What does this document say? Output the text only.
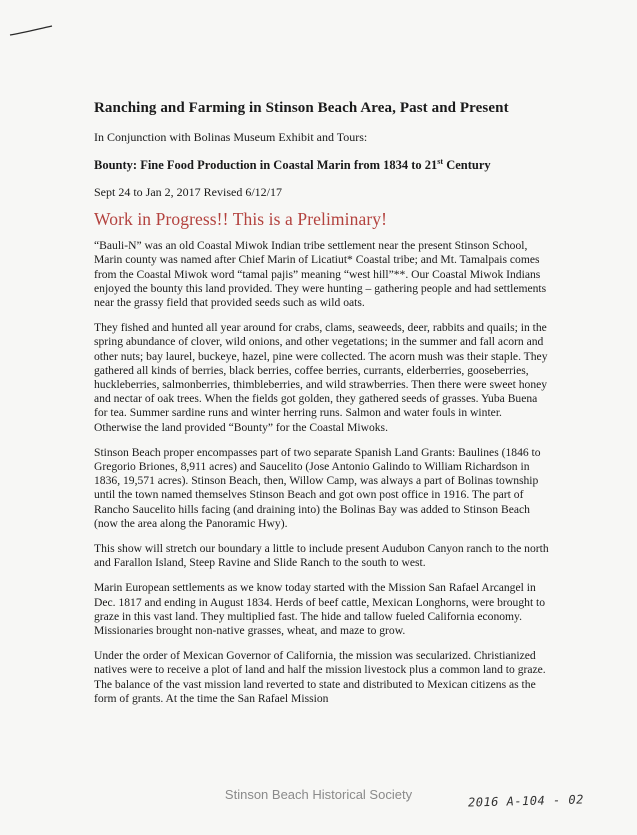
Ranching and Farming in Stinson Beach Area, Past and Present
In Conjunction with Bolinas Museum Exhibit and Tours:
Bounty: Fine Food Production in Coastal Marin from 1834 to 21st Century
Sept 24 to Jan 2, 2017 Revised 6/12/17
Work in Progress!! This is a Preliminary!

“Bauli-N” was an old Coastal Miwok Indian tribe settlement near the present Stinson School, Marin county was named after Chief Marin of Licatiut* Coastal tribe; and Mt. Tamalpais comes from the Coastal Miwok word “tamal pajis” meaning “west hill”**. Our Coastal Miwok Indians enjoyed the bounty this land provided. They were hunting – gathering people and had settlements near the grassy field that provided seeds such as wild oats.

They fished and hunted all year around for crabs, clams, seaweeds, deer, rabbits and quails; in the spring abundance of clover, wild onions, and other vegetations; in the summer and fall acorn and other nuts; bay laurel, buckeye, hazel, pine were collected. The acorn mush was their staple. They gathered all kinds of berries, black berries, coffee berries, currants, elderberries, gooseberries, huckleberries, salmonberries, thimbleberries, and wild strawberries. Then there were sweet honey and nectar of oak trees. When the fields got golden, they gathered seeds of grasses. Yuba Buena for tea. Summer sardine runs and winter herring runs. Salmon and water fouls in winter. Otherwise the land provided “Bounty” for the Coastal Miwoks.

Stinson Beach proper encompasses part of two separate Spanish Land Grants: Baulines (1846 to Gregorio Briones, 8,911 acres) and Saucelito (Jose Antonio Galindo to William Richardson in 1836, 19,571 acres). Stinson Beach, then, Willow Camp, was always a part of Bolinas township until the town named themselves Stinson Beach and got own post office in 1916. The part of Rancho Saucelito hills facing (and draining into) the Bolinas Bay was added to Stinson Beach (now the area along the Panoramic Hwy).

This show will stretch our boundary a little to include present Audubon Canyon ranch to the north and Farallon Island, Steep Ravine and Slide Ranch to the south to west.

Marin European settlements as we know today started with the Mission San Rafael Arcangel in Dec. 1817 and ending in August 1834. Herds of beef cattle, Mexican Longhorns, were brought to graze in this vast land. They multiplied fast. The hide and tallow fueled California economy. Missionaries brought non-native grasses, wheat, and maze to grow.

Under the order of Mexican Governor of California, the mission was secularized. Christianized natives were to receive a plot of land and half the mission livestock plus a common land to graze. The balance of the vast mission land reverted to state and distributed to Mexican citizens as the form of grants. At the time the San Rafael Mission

Stinson Beach Historical Society	2016 A-104 - 02
